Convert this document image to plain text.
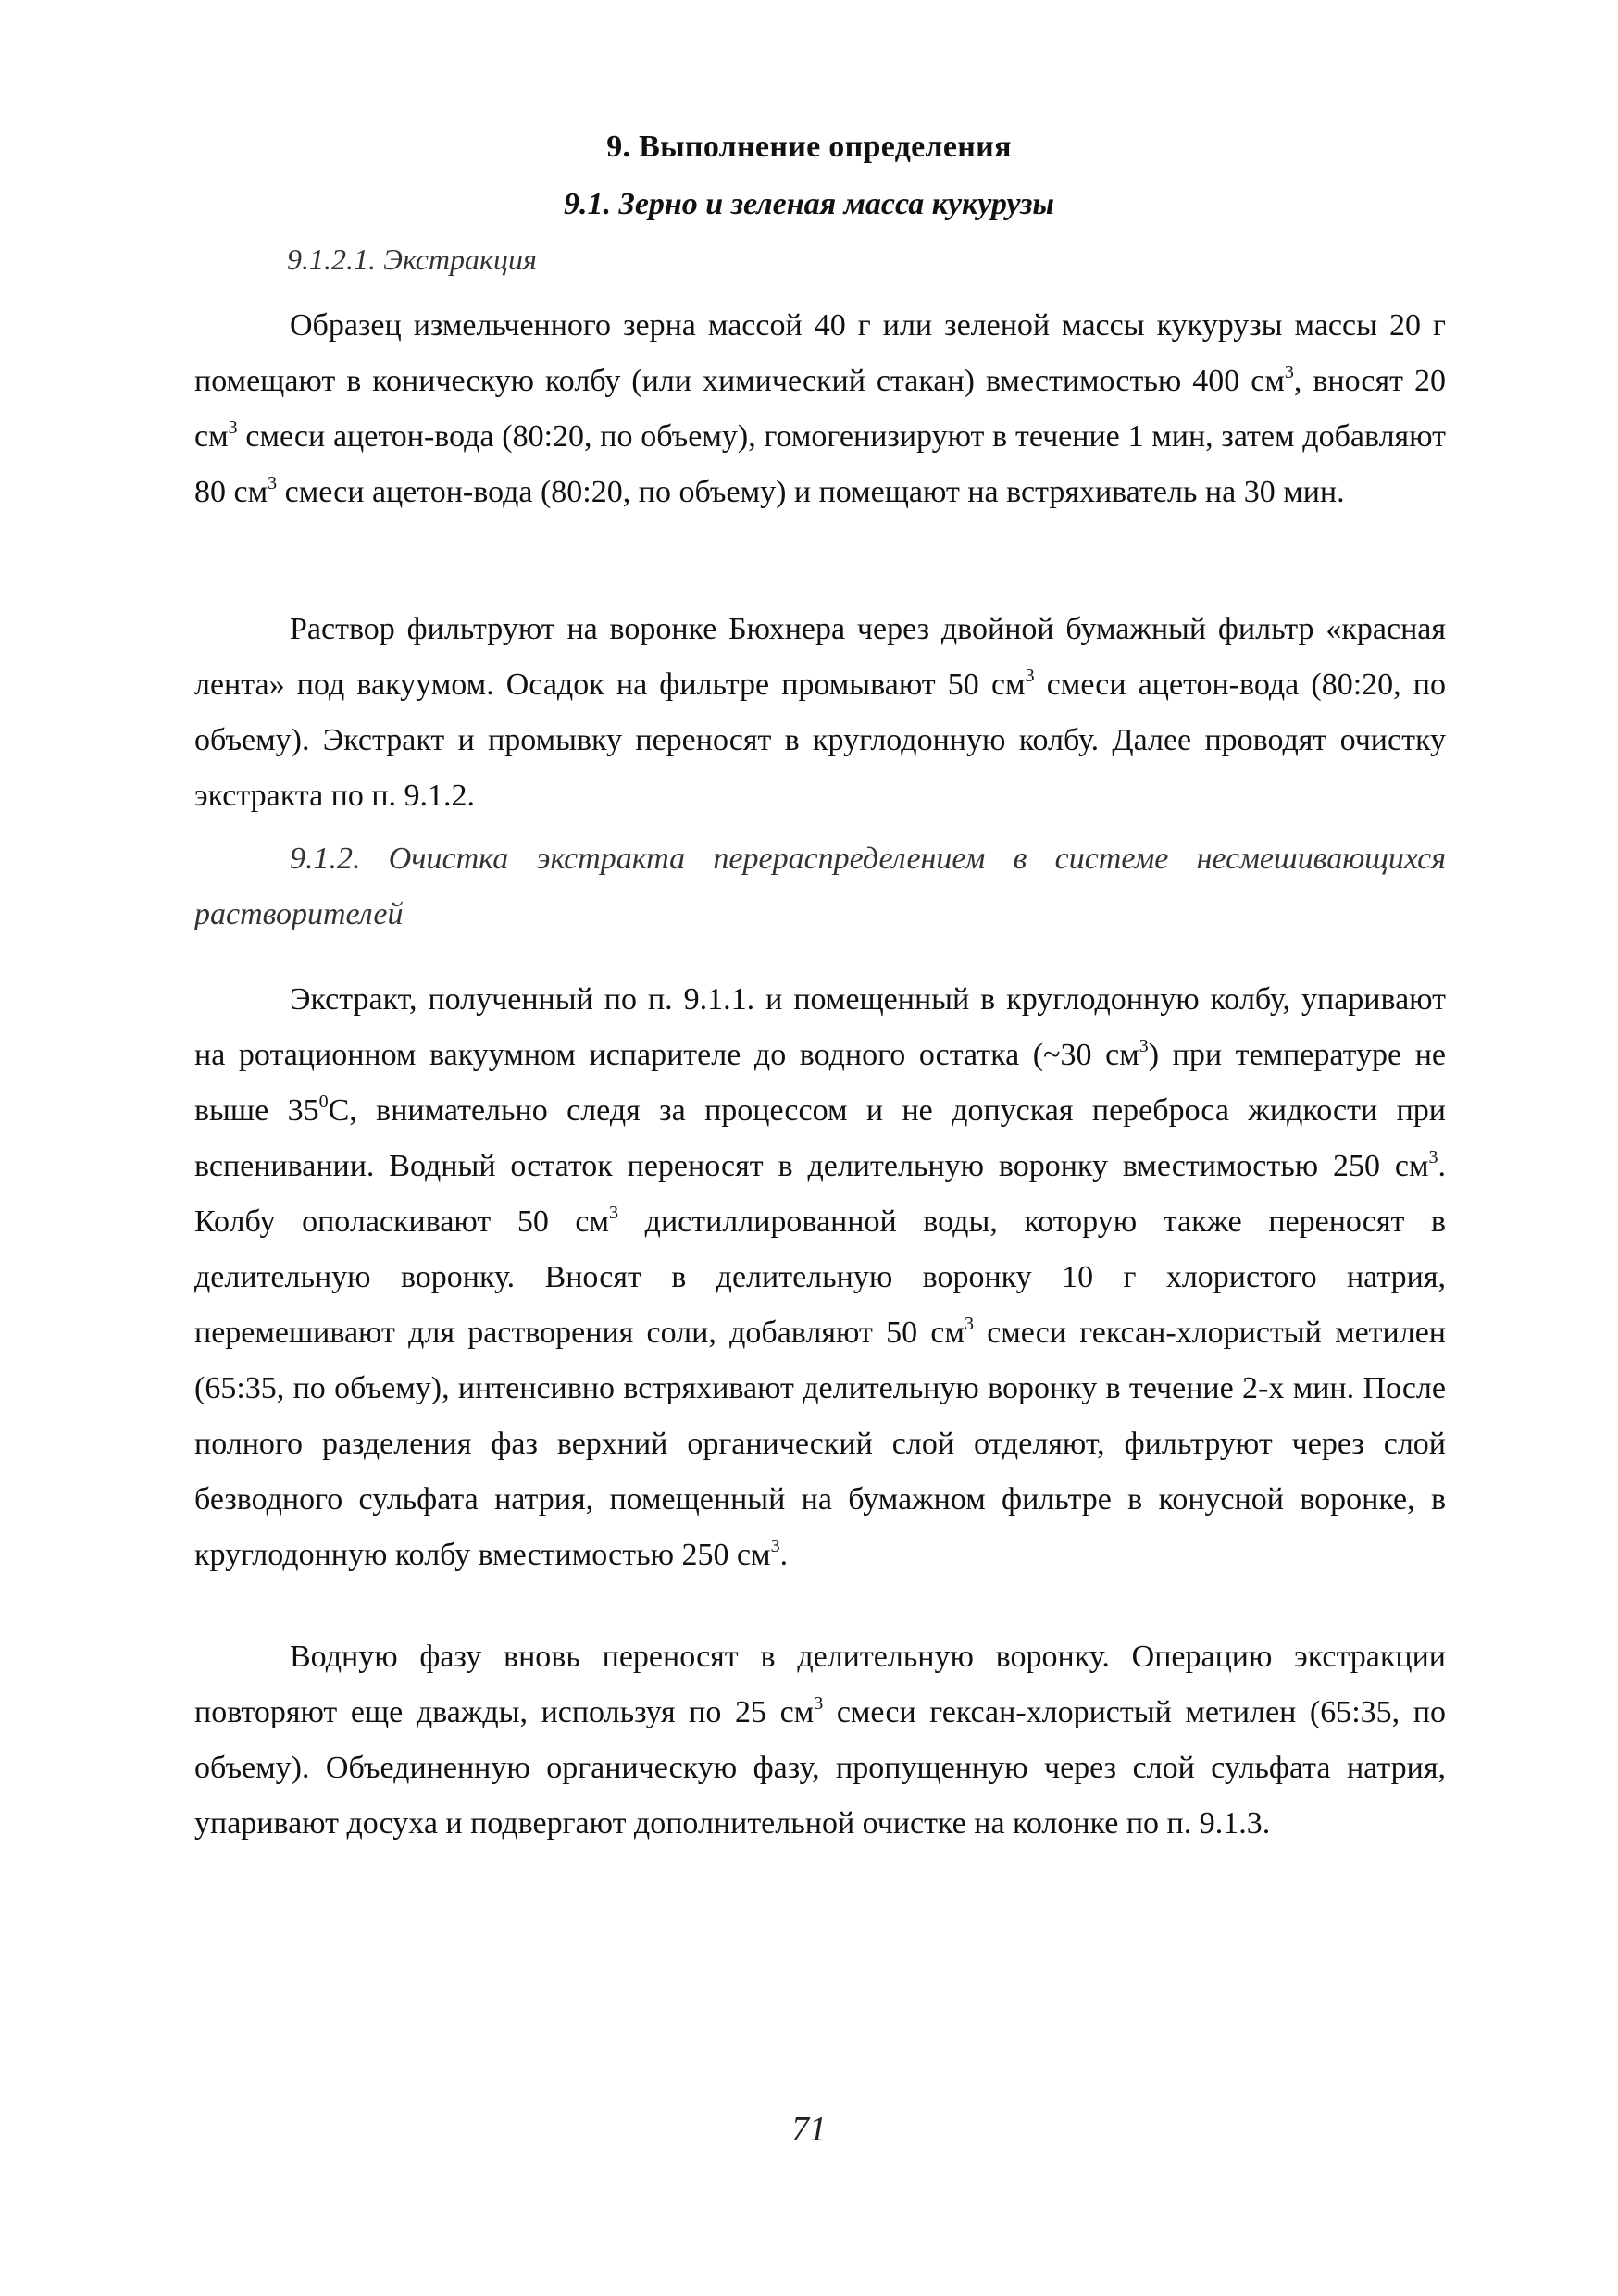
9. Выполнение определения
9.1. Зерно и зеленая масса кукурузы
9.1.2.1. Экстракция
Образец измельченного зерна массой 40 г или зеленой массы кукурузы массы 20 г помещают в коническую колбу (или химический стакан) вместимостью 400 $см^3$, вносят 20 $см^3$ смеси ацетон-вода (80:20, по объему), гомогенизируют в течение 1 мин, затем добавляют 80 $см^3$ смеси ацетон-вода (80:20, по объему) и помещают на встряхиватель на 30 мин.
Раствор фильтруют на воронке Бюхнера через двойной бумажный фильтр «красная лента» под вакуумом. Осадок на фильтре промывают 50 $см^3$ смеси ацетон-вода (80:20, по объему). Экстракт и промывку переносят в круглодонную колбу. Далее проводят очистку экстракта по п. 9.1.2.
9.1.2. Очистка экстракта перераспределением в системе несмешивающихся растворителей
Экстракт, полученный по п. 9.1.1. и помещенный в круглодонную колбу, упаривают на ротационном вакуумном испарителе до водного остатка (~30 $см^3$) при температуре не выше $35^0С$, внимательно следя за процессом и не допуская переброса жидкости при вспенивании. Водный остаток переносят в делительную воронку вместимостью 250 $см^3$. Колбу ополаскивают 50 $см^3$ дистиллированной воды, которую также переносят в делительную воронку. Вносят в делительную воронку 10 г хлористого натрия, перемешивают для растворения соли, добавляют 50 $см^3$ смеси гексан-хлористый метилен (65:35, по объему), интенсивно встряхивают делительную воронку в течение 2-х мин. После полного разделения фаз верхний органический слой отделяют, фильтруют через слой безводного сульфата натрия, помещенный на бумажном фильтре в конусной воронке, в круглодонную колбу вместимостью 250 $см^3$.
Водную фазу вновь переносят в делительную воронку. Операцию экстракции повторяют еще дважды, используя по 25 $см^3$ смеси гексан-хлористый метилен (65:35, по объему). Объединенную органическую фазу, пропущенную через слой сульфата натрия, упаривают досуха и подвергают дополнительной очистке на колонке по п. 9.1.3.
71
